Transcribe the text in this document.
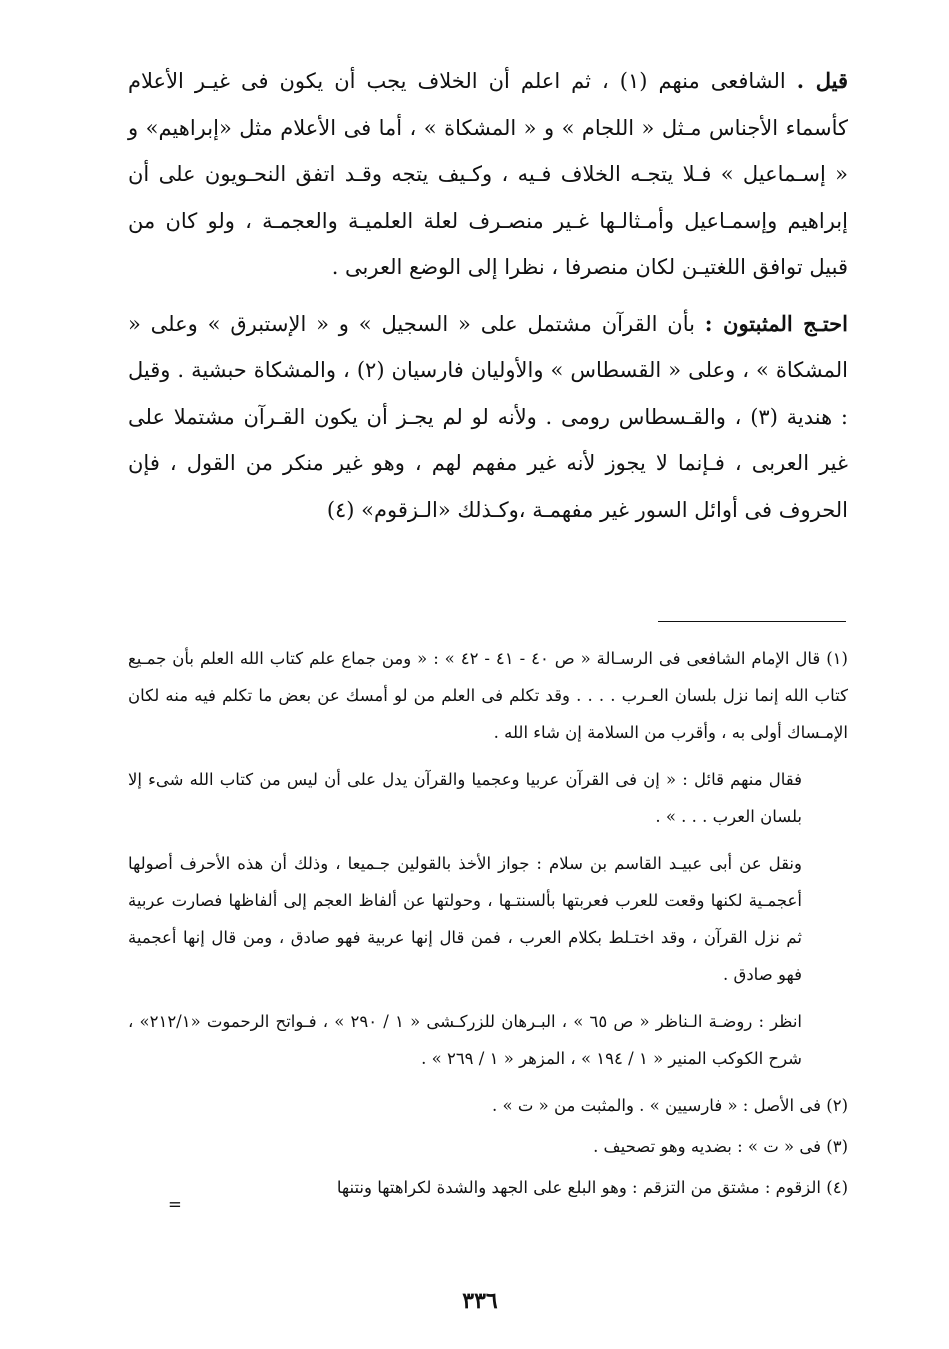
قيل . الشافعى منهم (١) ، ثم اعلم أن الخلاف يجب أن يكون فى غيـر الأعلام كأسماء الأجناس مـثل « اللجام » و « المشكاة » ، أما فى الأعلام مثل «إبراهيم» و « إسـماعيل » فـلا يتجـه الخلاف فـيه ، وكـيف يتجه وقـد اتفق النحـويون على أن إبراهيم وإسمـاعيل وأمـثالـها غـير منصـرف لعلة العلميـة والعجمـة ، ولو كان من قبيل توافق اللغتيـن لكان منصرفا ، نظرا إلى الوضع العربى .

احتـج المثبتون : بأن القرآن مشتمل على « السجيل » و « الإستبرق » وعلى « المشكاة » ، وعلى « القسطاس » والأوليان فارسيان (٢) ، والمشكاة حبشية . وقيل : هندية (٣) ، والقـسطاس رومى . ولأنه لو لم يجـز أن يكون القـرآن مشتملا على غير العربى ، فـإنما لا يجوز لأنه غير مفهم لهم ، وهو غير منكر من القول ، فإن الحروف فى أوائل السور غير مفهمـة ،وكـذلك «الـزقوم» (٤)

(١) قال الإمام الشافعى فى الرسـالة « ص ٤٠ - ٤١ - ٤٢ » : « ومن جماع علم كتاب الله العلم بأن جمـيع كتاب الله إنما نزل بلسان العـرب . . . . وقد تكلم فى العلم من لو أمسك عن بعض ما تكلم فيه منه لكان الإمـساك أولى به ، وأقرب من السلامة إن شاء الله .

فقال منهم قائل : « إن فى القرآن عربيا وعجميا والقرآن يدل على أن ليس من كتاب الله شىء إلا بلسان العرب . . . » .

ونقل عن أبى عبيـد القاسم بن سلام : جواز الأخذ بالقولين جـميعا ، وذلك أن هذه الأحرف أصولها أعجمـية لكنها وقعت للعرب فعربتها بألسنتـها ، وحولتها عن ألفاظ العجم إلى ألفاظها فصارت عربية ثم نزل القرآن ، وقد اختـلط بكلام العرب ، فمن قال إنها عربية فهو صادق ، ومن قال إنها أعجمية فهو صادق .

انظر : روضـة الـناظر « ص ٦٥ » ، البـرهان للزركـشى « ١ / ٢٩٠ » ، فـواتح الرحموت «٢١٢/١» ، شرح الكوكب المنير « ١ / ١٩٤ » ، المزهر « ١ / ٢٦٩ » .

(٢) فى الأصل : « فارسيين » . والمثبت من « ت » .

(٣) فى « ت » : بضديه وهو تصحيف .

(٤) الزقوم : مشتق من التزقم : وهو البلع على الجهد والشدة لكراهتها ونتنها

=
٣٣٦
